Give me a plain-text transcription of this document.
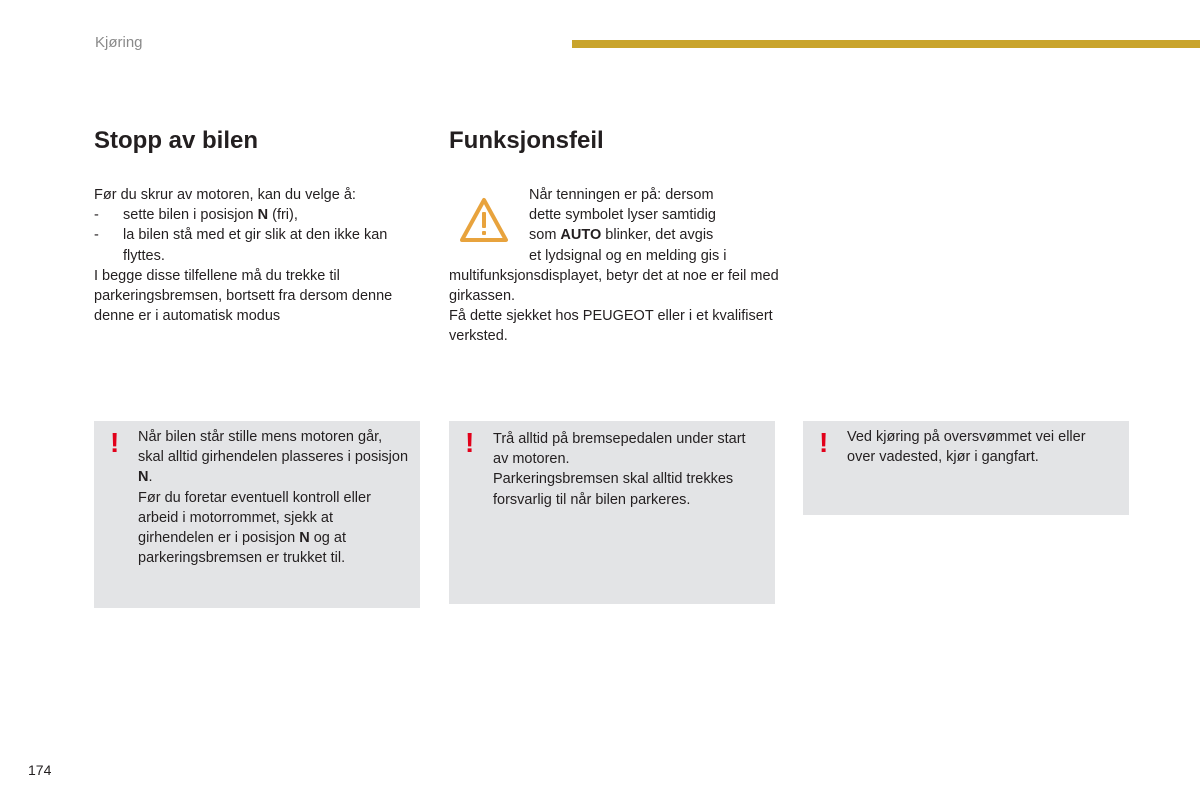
Kjøring
Stopp av bilen	Funksjonsfeil

Før du skrur av motoren, kan du velge å:

-	sette bilen i posisjon N (fri),
-	la bilen stå med et gir slik at den ikke kan flyttes.

I begge disse tilfellene må du trekke til parkeringsbremsen, bortsett fra dersom denne denne er i automatisk modus

Når tenningen er på: dersom

dette symbolet lyser samtidig

som AUTO blinker, det avgis

et lydsignal og en melding gis i

multifunksjonsdisplayet, betyr det at noe er feil med girkassen.

Få dette sjekket hos PEUGEOT eller i et kvalifisert verksted.

! Når bilen står stille mens motoren går, skal alltid girhendelen plasseres i posisjon N.

Før du foretar eventuell kontroll eller arbeid i motorrommet, sjekk at girhendelen er i posisjon N og at parkeringsbremsen er trukket til.

! Trå alltid på bremsepedalen under start av motoren.

Parkeringsbremsen skal alltid trekkes forsvarlig til når bilen parkeres.

! Ved kjøring på oversvømmet vei eller over vadested, kjør i gangfart.

174
